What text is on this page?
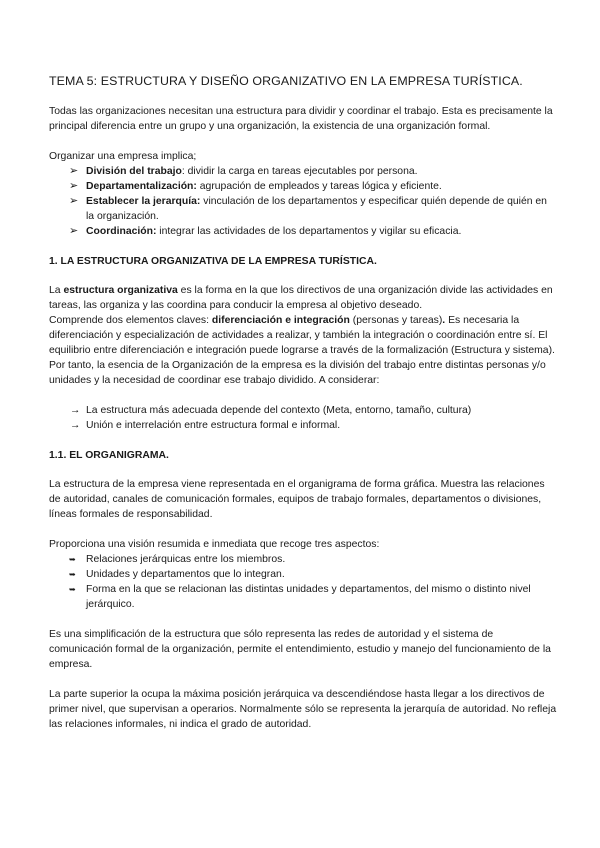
TEMA 5: ESTRUCTURA Y DISEÑO ORGANIZATIVO EN LA EMPRESA TURÍSTICA.

Todas las organizaciones necesitan una estructura para dividir y coordinar el trabajo. Esta es precisamente la principal diferencia entre un grupo y una organización, la existencia de una organización formal.

Organizar una empresa implica;

➢ División del trabajo: dividir la carga en tareas ejecutables por persona.
➢ Departamentalización: agrupación de empleados y tareas lógica y eficiente.
➢ Establecer la jerarquía: vinculación de los departamentos y especificar quién depende de quién en la organización.
➢ Coordinación: integrar las actividades de los departamentos y vigilar su eficacia.
1. LA ESTRUCTURA ORGANIZATIVA DE LA EMPRESA TURÍSTICA.

La estructura organizativa es la forma en la que los directivos de una organización divide las actividades en tareas, las organiza y las coordina para conducir la empresa al objetivo deseado.

Comprende dos elementos claves: diferenciación e integración (personas y tareas). Es necesaria la diferenciación y especialización de actividades a realizar, y también la integración o coordinación entre sí. El equilibrio entre diferenciación e integración puede lograrse a través de la formalización (Estructura y sistema).

Por tanto, la esencia de la Organización de la empresa es la división del trabajo entre distintas personas y/o unidades y la necesidad de coordinar ese trabajo dividido. A considerar:

→ La estructura más adecuada depende del contexto (Meta, entorno, tamaño, cultura)
→ Unión e interrelación entre estructura formal e informal.
1.1. EL ORGANIGRAMA.

La estructura de la empresa viene representada en el organigrama de forma gráfica. Muestra las relaciones de autoridad, canales de comunicación formales, equipos de trabajo formales, departamentos o divisiones, líneas formales de responsabilidad.

Proporciona una visión resumida e inmediata que recoge tres aspectos:

➥ Relaciones jerárquicas entre los miembros.
➥ Unidades y departamentos que lo integran.
➥ Forma en la que se relacionan las distintas unidades y departamentos, del mismo o distinto nivel jerárquico.

Es una simplificación de la estructura que sólo representa las redes de autoridad y el sistema de comunicación formal de la organización, permite el entendimiento, estudio y manejo del funcionamiento de la empresa.

La parte superior la ocupa la máxima posición jerárquica va descendiéndose hasta llegar a los directivos de primer nivel, que supervisan a operarios. Normalmente sólo se representa la jerarquía de autoridad. No refleja las relaciones informales, ni indica el grado de autoridad.
